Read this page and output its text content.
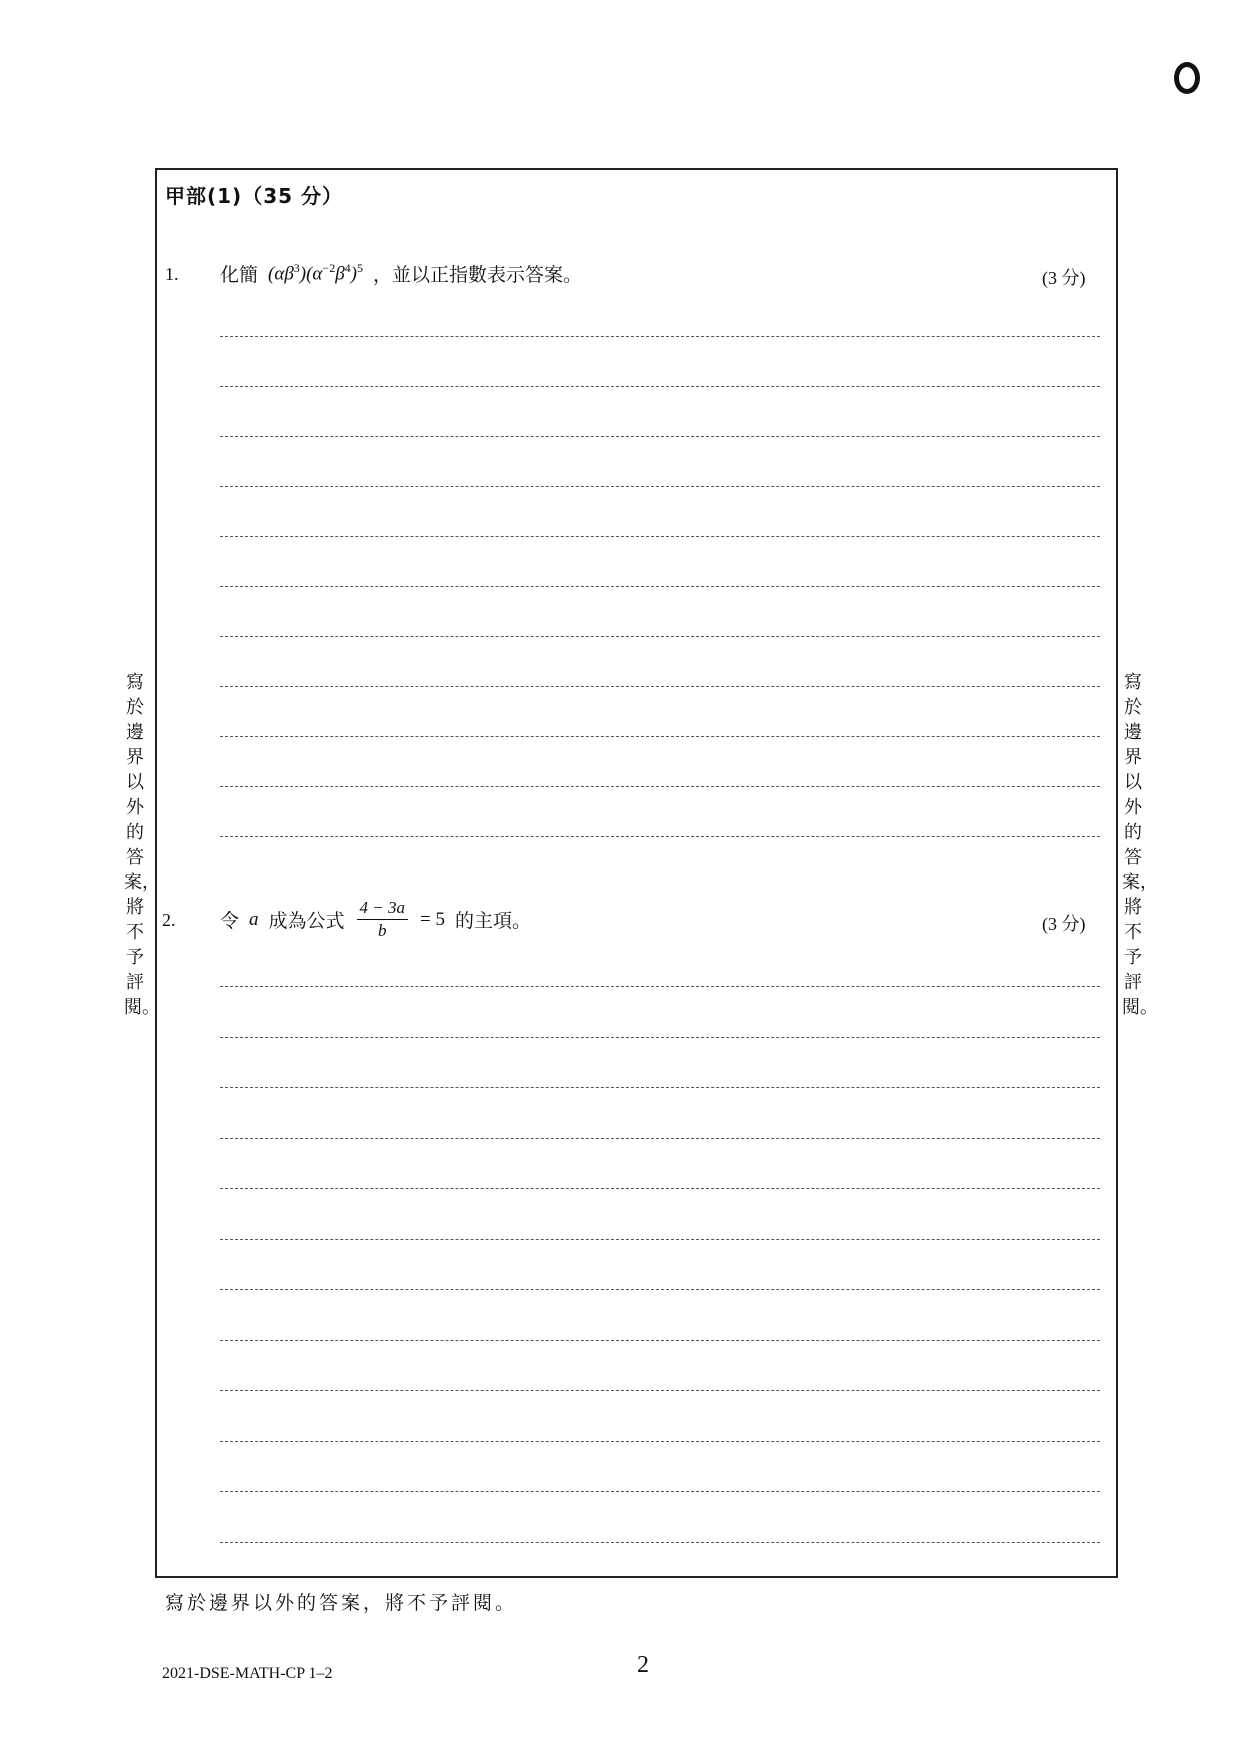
甲部(1)（35 分）
1. 化簡 $(\alpha\beta^3)(\alpha^{-2}\beta^4)^5$ ，並以正指數表示答案。	(3 分)
2. 令 a 成為公式 $\frac{4 - 3a}{b} = 5$ 的主項。	(3 分)
寫於邊界以外的答案，將不予評閱。
寫於邊界以外的答案，將不予評閱。
寫於邊界以外的答案，將不予評閱。
2021-DSE-MATH-CP 1–2	2
